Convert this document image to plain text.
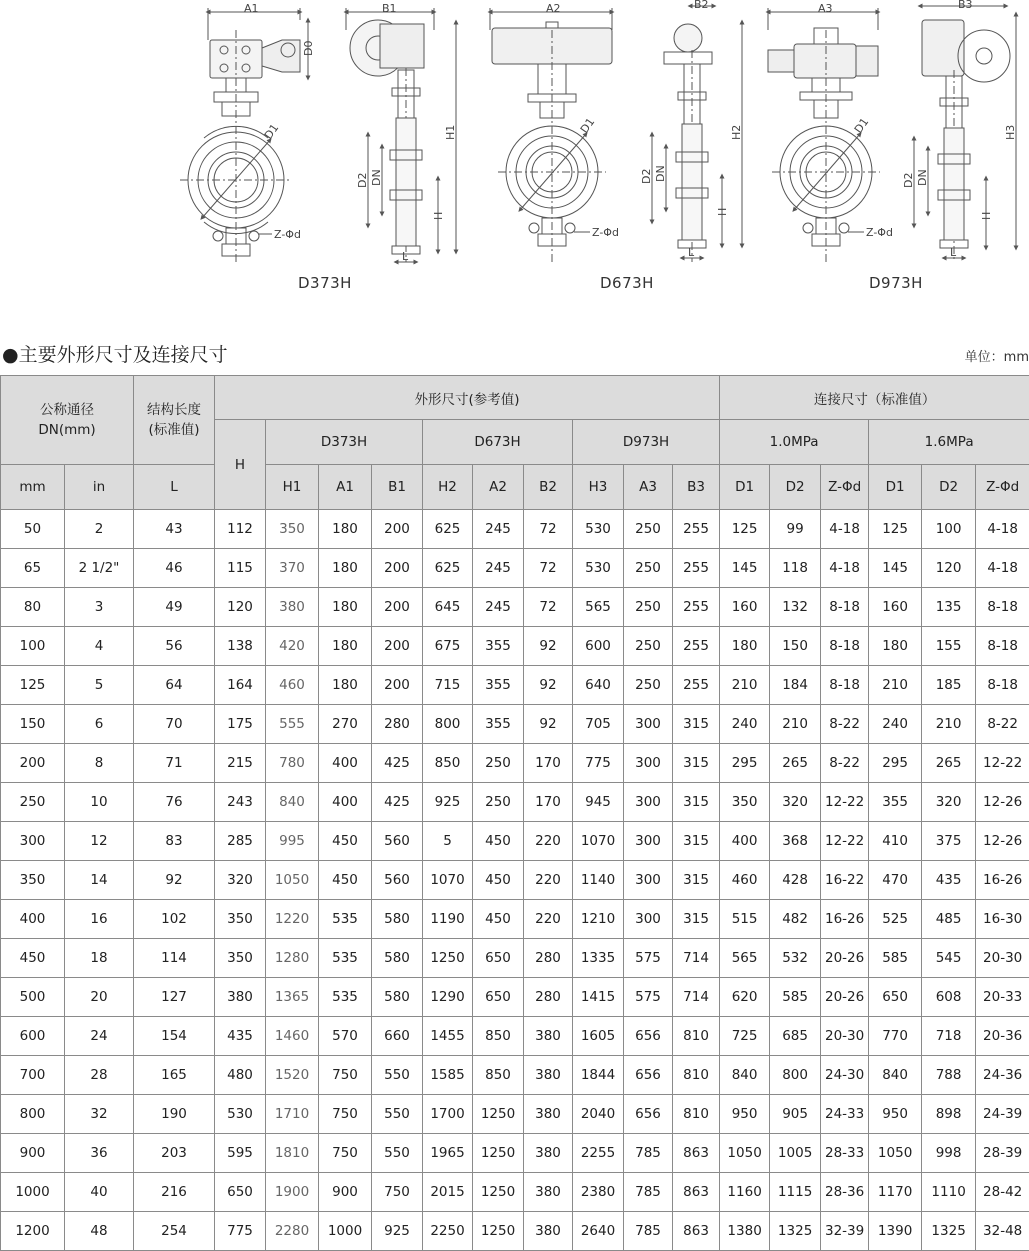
A1
D0
D1
Z-Φd
B1
L
D2 DN
H
H1
A2
D1
Z-Φd
B2
L
D2 DN
H
H2
A3
D1
Z-Φd
B3
L
D2 DN
H
H3
D373H	D673H	D973H
●主要外形尺寸及连接尺寸	单位：mm
公称通径
DN(mm)		结构长度
(标准值)	外形尺寸(参考值)										连接尺寸（标准值）					
			H	D373H			D673H			D973H			1.0MPa			1.6MPa		
mm	in	L		H1	A1	B1	H2	A2	B2	H3	A3	B3	D1	D2	Z-Φd	D1	D2	Z-Φd
50	2	43	112	350	180	200	625	245	72	530	250	255	125	99	4-18	125	100	4-18
65	2 1/2"	46	115	370	180	200	625	245	72	530	250	255	145	118	4-18	145	120	4-18
80	3	49	120	380	180	200	645	245	72	565	250	255	160	132	8-18	160	135	8-18
100	4	56	138	420	180	200	675	355	92	600	250	255	180	150	8-18	180	155	8-18
125	5	64	164	460	180	200	715	355	92	640	250	255	210	184	8-18	210	185	8-18
150	6	70	175	555	270	280	800	355	92	705	300	315	240	210	8-22	240	210	8-22
200	8	71	215	780	400	425	850	250	170	775	300	315	295	265	8-22	295	265	12-22
250	10	76	243	840	400	425	925	250	170	945	300	315	350	320	12-22	355	320	12-26
300	12	83	285	995	450	560	5	450	220	1070	300	315	400	368	12-22	410	375	12-26
350	14	92	320	1050	450	560	1070	450	220	1140	300	315	460	428	16-22	470	435	16-26
400	16	102	350	1220	535	580	1190	450	220	1210	300	315	515	482	16-26	525	485	16-30
450	18	114	350	1280	535	580	1250	650	280	1335	575	714	565	532	20-26	585	545	20-30
500	20	127	380	1365	535	580	1290	650	280	1415	575	714	620	585	20-26	650	608	20-33
600	24	154	435	1460	570	660	1455	850	380	1605	656	810	725	685	20-30	770	718	20-36
700	28	165	480	1520	750	550	1585	850	380	1844	656	810	840	800	24-30	840	788	24-36
800	32	190	530	1710	750	550	1700	1250	380	2040	656	810	950	905	24-33	950	898	24-39
900	36	203	595	1810	750	550	1965	1250	380	2255	785	863	1050	1005	28-33	1050	998	28-39
1000	40	216	650	1900	900	750	2015	1250	380	2380	785	863	1160	1115	28-36	1170	1110	28-42
1200	48	254	775	2280	1000	925	2250	1250	380	2640	785	863	1380	1325	32-39	1390	1325	32-48
